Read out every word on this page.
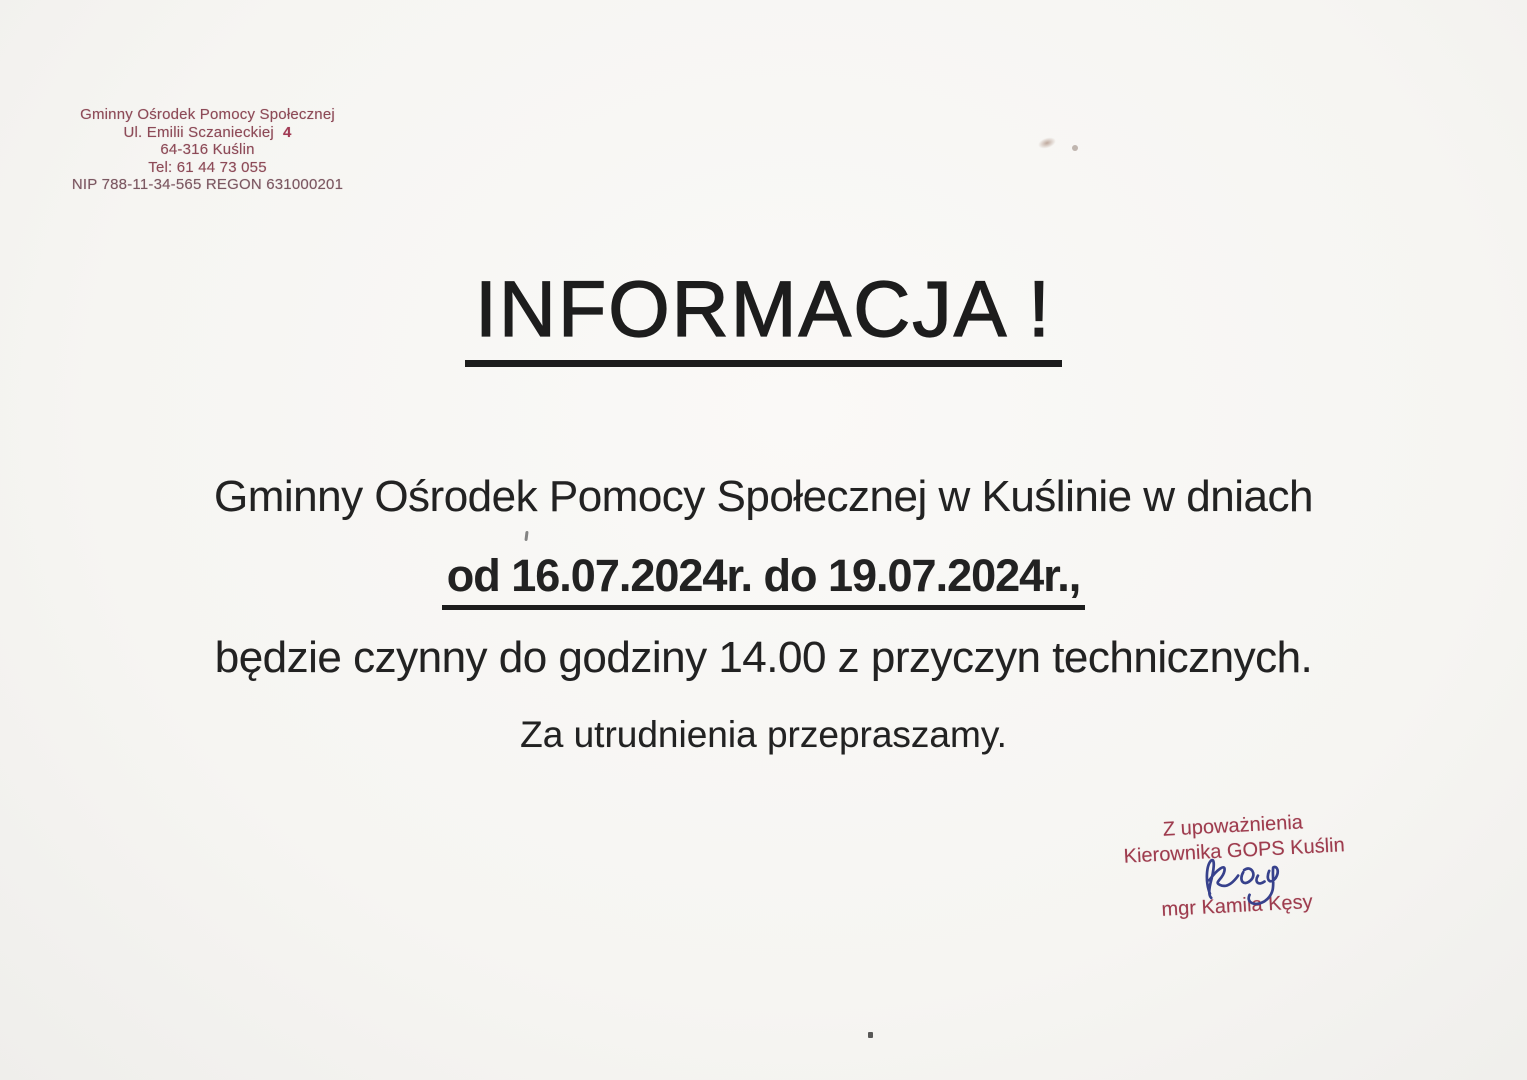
Gminny Ośrodek Pomocy Społecznej
Ul. Emilii Sczanieckiej 4
64-316 Kuślin
Tel: 61 44 73 055
NIP 788-11-34-565 REGON 631000201
INFORMACJA !
Gminny Ośrodek Pomocy Społecznej w Kuślinie w dniach
od 16.07.2024r. do 19.07.2024r.,
będzie czynny do godziny 14.00 z przyczyn technicznych.
Za utrudnienia przepraszamy.
Z upoważnienia
Kierownika GOPS Kuślin
mgr Kamila Kęsy
